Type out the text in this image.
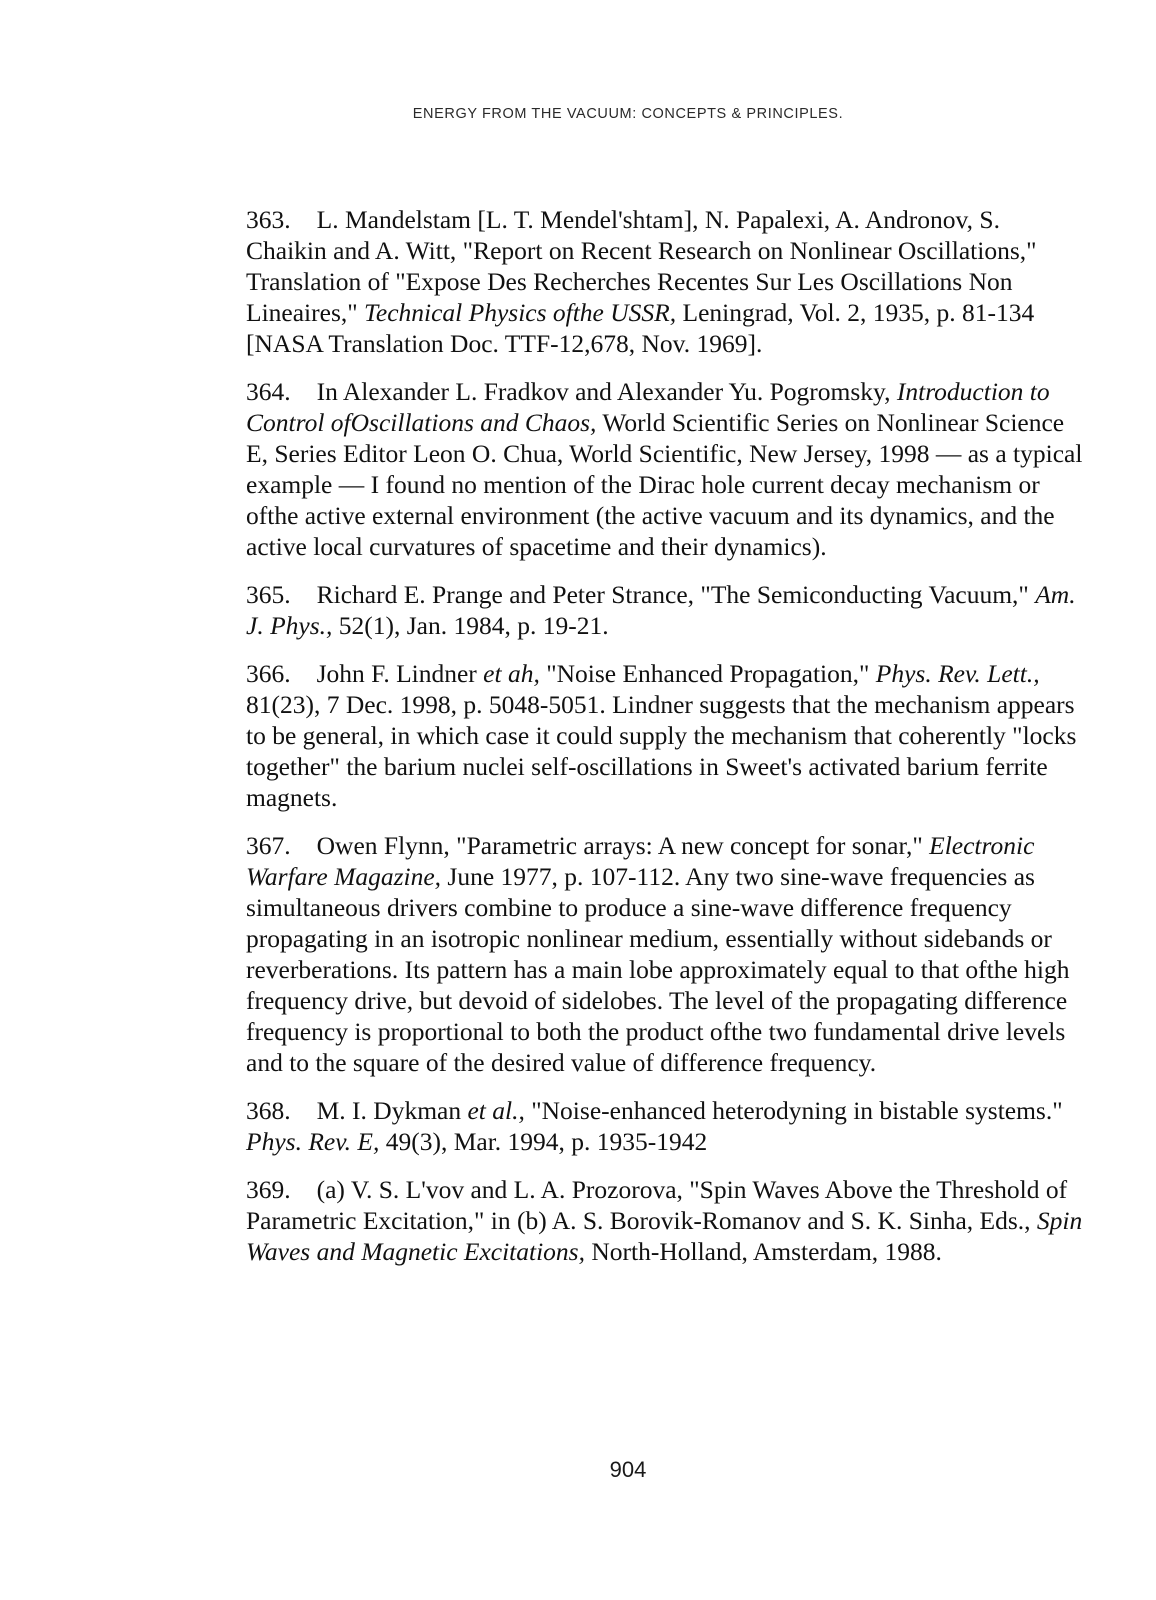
ENERGY FROM THE VACUUM: CONCEPTS & PRINCIPLES.

363. L. Mandelstam [L. T. Mendel'shtam], N. Papalexi, A. Andronov, S. Chaikin and A. Witt, "Report on Recent Research on Nonlinear Oscillations," Translation of "Expose Des Recherches Recentes Sur Les Oscillations Non Lineaires," Technical Physics ofthe USSR, Leningrad, Vol. 2, 1935, p. 81-134 [NASA Translation Doc. TTF-12,678, Nov. 1969].

364. In Alexander L. Fradkov and Alexander Yu. Pogromsky, Introduction to Control ofOscillations and Chaos, World Scientific Series on Nonlinear Science E, Series Editor Leon O. Chua, World Scientific, New Jersey, 1998 — as a typical example — I found no mention of the Dirac hole current decay mechanism or ofthe active external environment (the active vacuum and its dynamics, and the active local curvatures of spacetime and their dynamics).

365. Richard E. Prange and Peter Strance, "The Semiconducting Vacuum," Am. J. Phys., 52(1), Jan. 1984, p. 19-21.

366. John F. Lindner et ah, "Noise Enhanced Propagation," Phys. Rev. Lett., 81(23), 7 Dec. 1998, p. 5048-5051. Lindner suggests that the mechanism appears to be general, in which case it could supply the mechanism that coherently "locks together" the barium nuclei self-oscillations in Sweet's activated barium ferrite magnets.

367. Owen Flynn, "Parametric arrays: A new concept for sonar," Electronic Warfare Magazine, June 1977, p. 107-112. Any two sine-wave frequencies as simultaneous drivers combine to produce a sine-wave difference frequency propagating in an isotropic nonlinear medium, essentially without sidebands or reverberations. Its pattern has a main lobe approximately equal to that ofthe high frequency drive, but devoid of sidelobes. The level of the propagating difference frequency is proportional to both the product ofthe two fundamental drive levels and to the square of the desired value of difference frequency.

368. M. I. Dykman et al., "Noise-enhanced heterodyning in bistable systems." Phys. Rev. E, 49(3), Mar. 1994, p. 1935-1942

369. (a) V. S. L'vov and L. A. Prozorova, "Spin Waves Above the Threshold of Parametric Excitation," in (b) A. S. Borovik-Romanov and S. K. Sinha, Eds., Spin Waves and Magnetic Excitations, North-Holland, Amsterdam, 1988.

904
